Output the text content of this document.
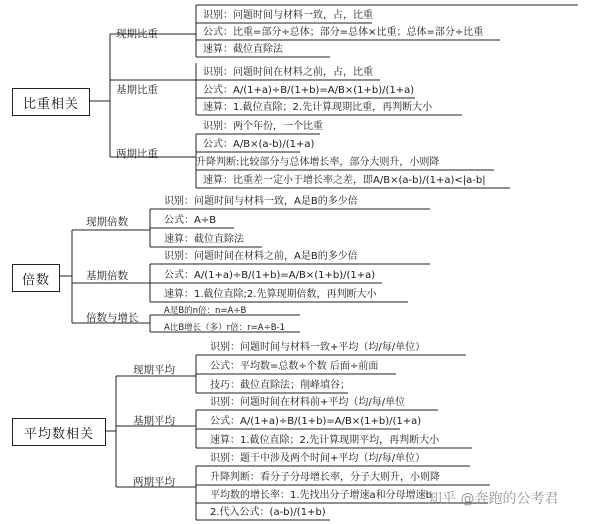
比重相关
现期比重
识别：问题时间与材料一致，占，比重
公式：比重=部分÷总体；部分=总体×比重；总体=部分÷比重
速算：截位直除法
基期比重
识别：问题时间在材料之前，占，比重
公式：A/(1+a)÷B/(1+b)=A/B×(1+b)/(1+a)
速算：1.截位直除；2.先计算现期比重，再判断大小
两期比重
识别：两个年份，一个比重
公式：A/B×(a-b)/(1+a)
升降判断:比较部分与总体增长率，部分大则升，小则降
速算：比重差一定小于增长率之差，即A/B×(a-b)/(1+a)<|a-b|
倍数
现期倍数
识别：问题时间与材料一致，A是B的多少倍
公式：A÷B
速算：截位直除法
基期倍数
识别：问题时间在材料之前，A是B的多少倍
公式：A/(1+a)÷B/(1+b)=A/B×(1+b)/(1+a)
速算：1.截位直除;2.先算现期倍数，再判断大小
倍数与增长
A是B的n倍：n=A÷B
A比B增长（多）r倍：r=A÷B-1
平均数相关
现期平均
识别：问题时间与材料一致+平均（均/每/单位）
公式：平均数=总数÷个数 后面÷前面
技巧：截位直除法；削峰填谷；
基期平均
识别：问题时间在材料前+平均（均/每/单位
公式：A/(1+a)÷B/(1+b)=A/B×(1+b)/(1+a)
速算：1.截位直除；2.先计算现期平均，再判断大小
两期平均
识别：题干中涉及两个时间+平均（均/每/单位）
升降判断：看分子分母增长率，分子大则升，小则降
平均数的增长率：1.先找出分子增速a和分母增速b
2.代入公式：(a-b)/(1+b)
知乎 @奔跑的公考君
